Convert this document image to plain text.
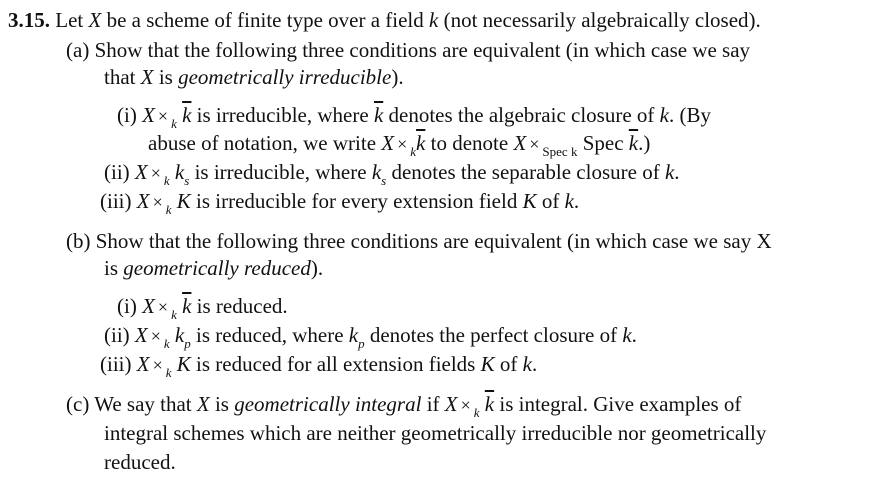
3.15. Let X be a scheme of finite type over a field k (not necessarily algebraically closed).
(a) Show that the following three conditions are equivalent (in which case we say
that X is geometrically irreducible).
(i) X × $_k$ $\overline{k}$ is irreducible, where $\overline{k}$ denotes the algebraic closure of k. (By
abuse of notation, we write $X \times _k\overline{k}$ to denote X × $_{Spec k}$ Spec $\overline{k}$.)
(ii) X × $_k$ $k_s$ is irreducible, where $k_s$ denotes the separable closure of k.
(iii) X × $_k$ K is irreducible for every extension field K of k.
(b) Show that the following three conditions are equivalent (in which case we say X
is geometrically reduced).
(i) X × $_k$ $\overline{k}$ is reduced.
(ii) X × $_k$ $k_p$ is reduced, where $k_p$ denotes the perfect closure of k.
(iii) X × $_k$ K is reduced for all extension fields K of k.
(c) We say that X is geometrically integral if X × $_k$ $\overline{k}$ is integral. Give examples of
integral schemes which are neither geometrically irreducible nor geometrically
reduced.
